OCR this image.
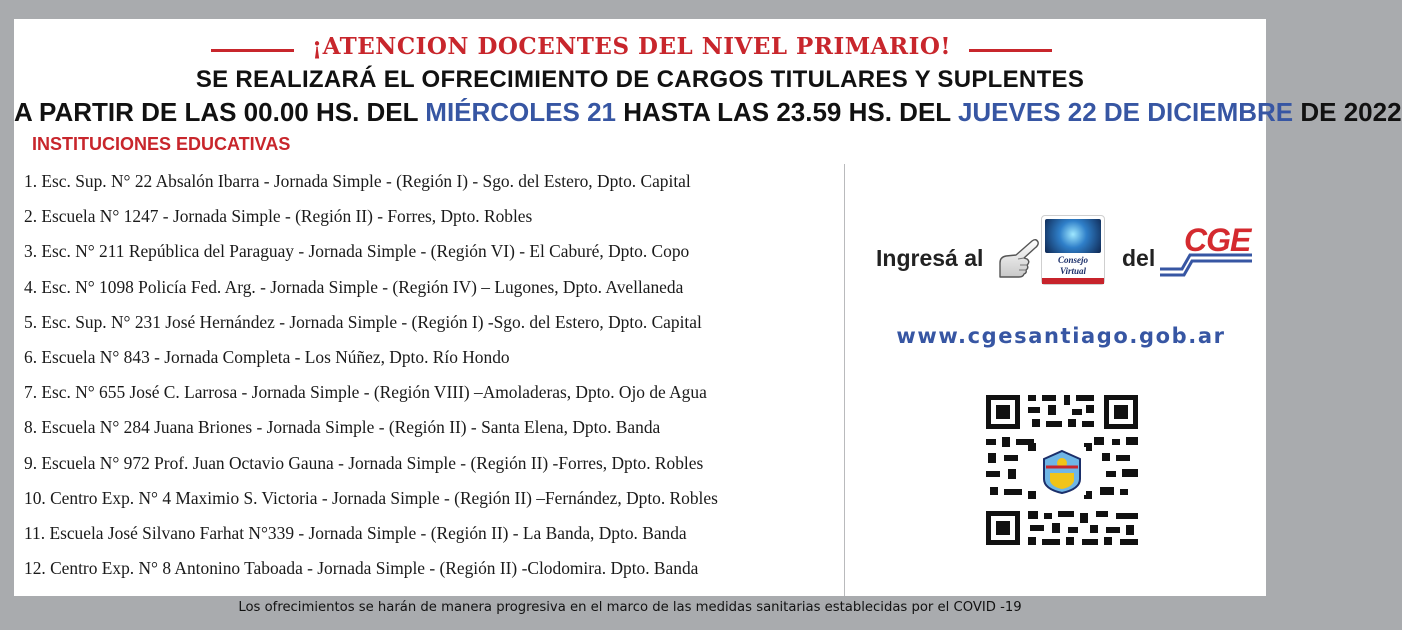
¡ATENCION DOCENTES DEL NIVEL PRIMARIO!
SE REALIZARÁ EL OFRECIMIENTO DE CARGOS TITULARES Y SUPLENTES
A PARTIR DE LAS 00.00 HS. DEL MIÉRCOLES 21 HASTA LAS 23.59 HS. DEL JUEVES 22 DE DICIEMBRE DE 2022
INSTITUCIONES EDUCATIVAS
1. Esc. Sup. N° 22 Absalón Ibarra - Jornada Simple - (Región I) - Sgo. del Estero, Dpto. Capital
2. Escuela N° 1247 - Jornada Simple - (Región II) - Forres, Dpto. Robles
3. Esc. N° 211 República del Paraguay - Jornada Simple - (Región VI) - El Caburé, Dpto. Copo
4. Esc. N° 1098 Policía Fed. Arg. - Jornada Simple - (Región IV) – Lugones, Dpto. Avellaneda
5. Esc. Sup. N° 231 José Hernández - Jornada Simple - (Región I) -Sgo. del Estero, Dpto. Capital
6. Escuela N° 843 - Jornada Completa - Los Núñez, Dpto. Río Hondo
7. Esc. N° 655 José C. Larrosa - Jornada Simple - (Región VIII) –Amoladeras, Dpto. Ojo de Agua
8. Escuela N° 284 Juana Briones - Jornada Simple - (Región II) - Santa Elena, Dpto. Banda
9. Escuela N° 972 Prof. Juan Octavio Gauna - Jornada Simple - (Región II) -Forres, Dpto. Robles
10. Centro Exp. N° 4 Maximio S. Victoria - Jornada Simple - (Región II) –Fernández, Dpto. Robles
11. Escuela José Silvano Farhat N°339 - Jornada Simple - (Región II) - La Banda, Dpto. Banda
12. Centro Exp. N° 8 Antonino Taboada - Jornada Simple - (Región II) -Clodomira. Dpto. Banda
Ingresá al	Consejo
Virtual	del CGE
www.cgesantiago.gob.ar
Los ofrecimientos se harán de manera progresiva en el marco de las medidas sanitarias establecidas por el COVID -19
